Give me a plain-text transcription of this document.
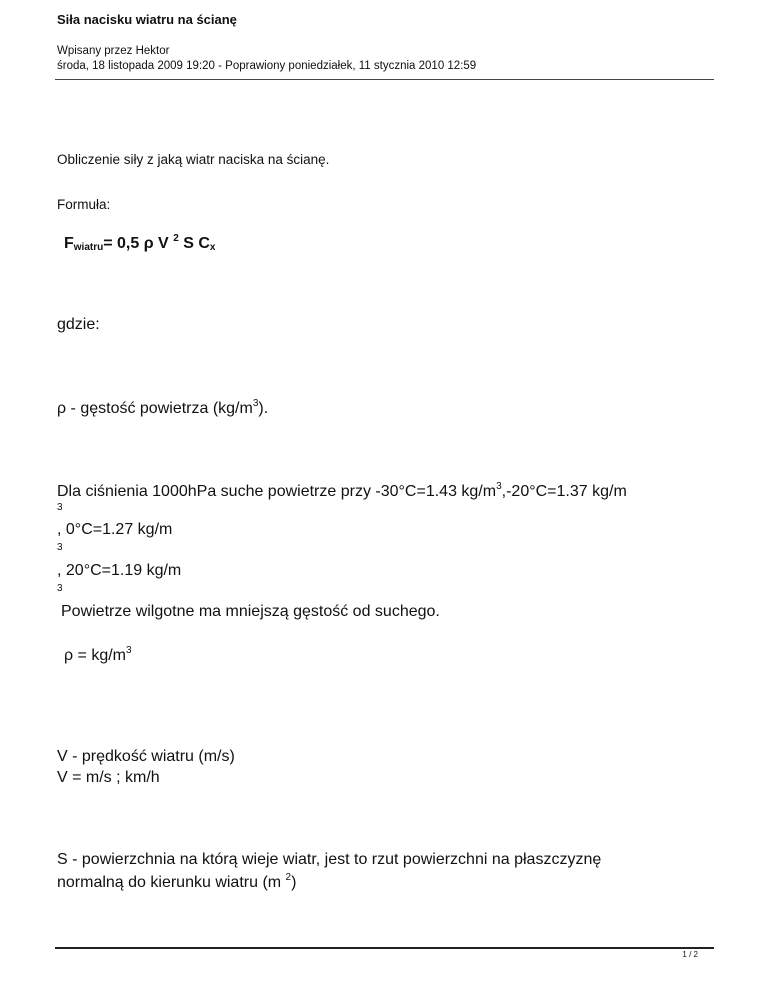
Siła nacisku wiatru na ścianę
Wpisany przez Hektor
środa, 18 listopada 2009 19:20 - Poprawiony poniedziałek, 11 stycznia 2010 12:59
Obliczenie siły z jaką wiatr naciska na ścianę.
Formuła:
$F_{wiatru}= 0,5$ ρ V $^2$ S $C_x$
gdzie:
ρ - gęstość powietrza $(kg/m^3)$.
Dla ciśnienia 1000hPa suche powietrze przy -30°C=1.43 $kg/m^3,-20^\circ C=1.37$ kg/m
3
, 0°C=1.27 kg/m
3
, 20°C=1.19 kg/m
3
Powietrze wilgotne ma mniejszą gęstość od suchego.
$\rho = kg/m^3$
V - prędkość wiatru (m/s)
V = m/s ; km/h
S - powierzchnia na którą wieje wiatr, jest to rzut powierzchni na płaszczyznę
normalną do kierunku wiatru (m $^2$)
1 / 2
